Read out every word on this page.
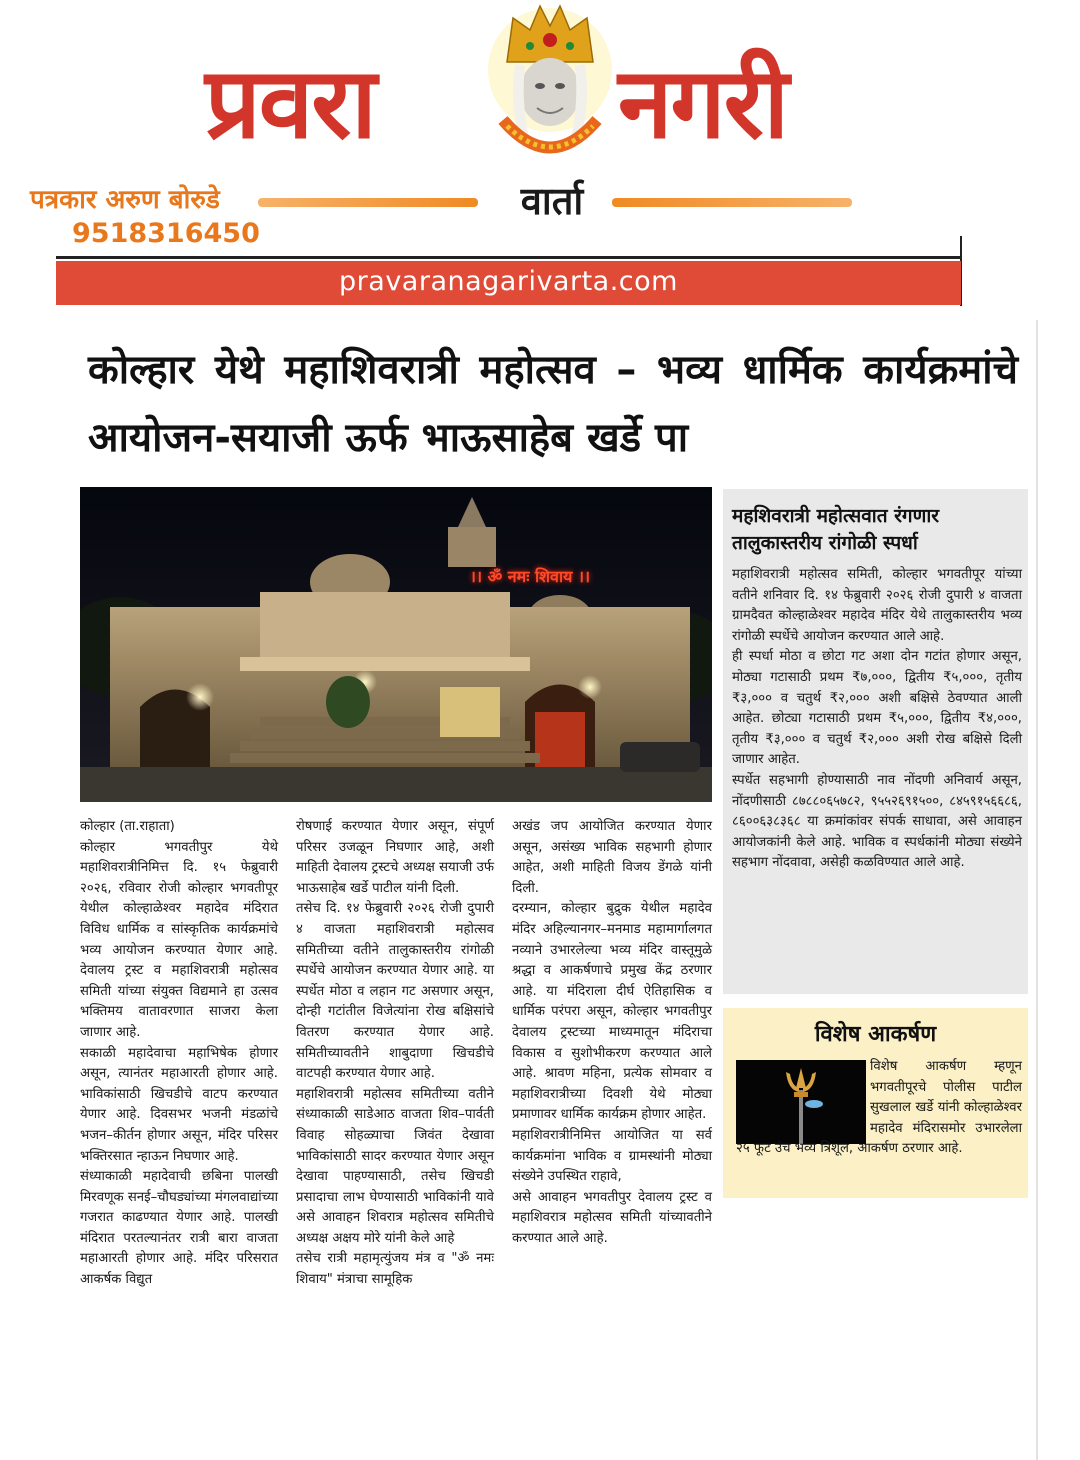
प्रवरा नगरी
वार्ता
पत्रकार अरुण बोरुडे
9518316450
pravaranagarivarta.com
कोल्हार येथे महाशिवरात्री महोत्सव – भव्य धार्मिक कार्यक्रमांचे आयोजन-सयाजी ऊर्फ भाऊसाहेब खर्डे पा
।। ॐ नमः शिवाय ।।

कोल्हार (ता.राहाता)

कोल्हार भगवतीपुर येथे महाशिवरात्रीनिमित्त दि. १५ फेब्रुवारी २०२६, रविवार रोजी कोल्हार भगवतीपूर येथील कोल्हाळेश्वर महादेव मंदिरात विविध धार्मिक व सांस्कृतिक कार्यक्रमांचे भव्य आयोजन करण्यात येणार आहे. देवालय ट्रस्ट व महाशिवरात्री महोत्सव समिती यांच्या संयुक्त विद्यमाने हा उत्सव भक्तिमय वातावरणात साजरा केला जाणार आहे.

सकाळी महादेवाचा महाभिषेक होणार असून, त्यानंतर महाआरती होणार आहे. भाविकांसाठी खिचडीचे वाटप करण्यात येणार आहे. दिवसभर भजनी मंडळांचे भजन–कीर्तन होणार असून, मंदिर परिसर भक्तिरसात न्हाऊन निघणार आहे.

संध्याकाळी महादेवाची छबिना पालखी मिरवणूक सनई–चौघड्यांच्या मंगलवाद्यांच्या गजरात काढण्यात येणार आहे. पालखी मंदिरात परतल्यानंतर रात्री बारा वाजता महाआरती होणार आहे. मंदिर परिसरात आकर्षक विद्युत

रोषणाई करण्यात येणार असून, संपूर्ण परिसर उजळून निघणार आहे, अशी माहिती देवालय ट्रस्टचे अध्यक्ष सयाजी उर्फ भाऊसाहेब खर्डे पाटील यांनी दिली.

तसेच दि. १४ फेब्रुवारी २०२६ रोजी दुपारी ४ वाजता महाशिवरात्री महोत्सव समितीच्या वतीने तालुकास्तरीय रांगोळी स्पर्धेचे आयोजन करण्यात येणार आहे. या स्पर्धेत मोठा व लहान गट असणार असून, दोन्ही गटांतील विजेत्यांना रोख बक्षिसांचे वितरण करण्यात येणार आहे. समितीच्यावतीने शाबुदाणा खिचडीचे वाटपही करण्यात येणार आहे.

महाशिवरात्री महोत्सव समितीच्या वतीने संध्याकाळी साडेआठ वाजता शिव–पार्वती विवाह सोहळ्याचा जिवंत देखावा भाविकांसाठी सादर करण्यात येणार असून देखावा पाहण्यासाठी, तसेच खिचडी प्रसादाचा लाभ घेण्यासाठी भाविकांनी यावे असे आवाहन शिवरात्र महोत्सव समितीचे अध्यक्ष अक्षय मोरे यांनी केले आहे

तसेच रात्री महामृत्युंजय मंत्र व "ॐ नमः शिवाय" मंत्राचा सामूहिक

अखंड जप आयोजित करण्यात येणार असून, असंख्य भाविक सहभागी होणार आहेत, अशी माहिती विजय डेंगळे यांनी दिली.

दरम्यान, कोल्हार बुद्रुक येथील महादेव मंदिर अहिल्यानगर–मनमाड महामार्गालगत नव्याने उभारलेल्या भव्य मंदिर वास्तूमुळे श्रद्धा व आकर्षणाचे प्रमुख केंद्र ठरणार आहे. या मंदिराला दीर्घ ऐतिहासिक व धार्मिक परंपरा असून, कोल्हार भगवतीपुर देवालय ट्रस्टच्या माध्यमातून मंदिराचा विकास व सुशोभीकरण करण्यात आले आहे. श्रावण महिना, प्रत्येक सोमवार व महाशिवरात्रीच्या दिवशी येथे मोठ्या प्रमाणावर धार्मिक कार्यक्रम होणार आहेत.

महाशिवरात्रीनिमित्त आयोजित या सर्व कार्यक्रमांना भाविक व ग्रामस्थांनी मोठ्या संख्येने उपस्थित राहावे,

असे आवाहन भगवतीपुर देवालय ट्रस्ट व महाशिवरात्र महोत्सव समिती यांच्यावतीने करण्यात आले आहे.

महशिवरात्री महोत्सवात रंगणार तालुकास्तरीय रांगोळी स्पर्धा

महाशिवरात्री महोत्सव समिती, कोल्हार भगवतीपूर यांच्या वतीने शनिवार दि. १४ फेब्रुवारी २०२६ रोजी दुपारी ४ वाजता ग्रामदैवत कोल्हाळेश्वर महादेव मंदिर येथे तालुकास्तरीय भव्य रांगोळी स्पर्धेचे आयोजन करण्यात आले आहे.

ही स्पर्धा मोठा व छोटा गट अशा दोन गटांत होणार असून, मोठ्या गटासाठी प्रथम ₹७,०००, द्वितीय ₹५,०००, तृतीय ₹३,००० व चतुर्थ ₹२,००० अशी बक्षिसे ठेवण्यात आली आहेत. छोट्या गटासाठी प्रथम ₹५,०००, द्वितीय ₹४,०००, तृतीय ₹३,००० व चतुर्थ ₹२,००० अशी रोख बक्षिसे दिली जाणार आहेत.

स्पर्धेत सहभागी होण्यासाठी नाव नोंदणी अनिवार्य असून, नोंदणीसाठी ८७८८०६५७८२, ९५५२६९१५००, ८४५९१५६६८६, ८६००६३८३६८ या क्रमांकांवर संपर्क साधावा, असे आवाहन आयोजकांनी केले आहे. भाविक व स्पर्धकांनी मोठ्या संख्येने सहभाग नोंदवावा, असेही कळविण्यात आले आहे.

विशेष आकर्षण
विशेष आकर्षण म्हणून भगवतीपूरचे पोलीस पाटील सुखलाल खर्डे यांनी कोल्हाळेश्वर महादेव मंदिरासमोर उभारलेला २५ फूट उंच भव्य त्रिशूल, आकर्षण ठरणार आहे.
